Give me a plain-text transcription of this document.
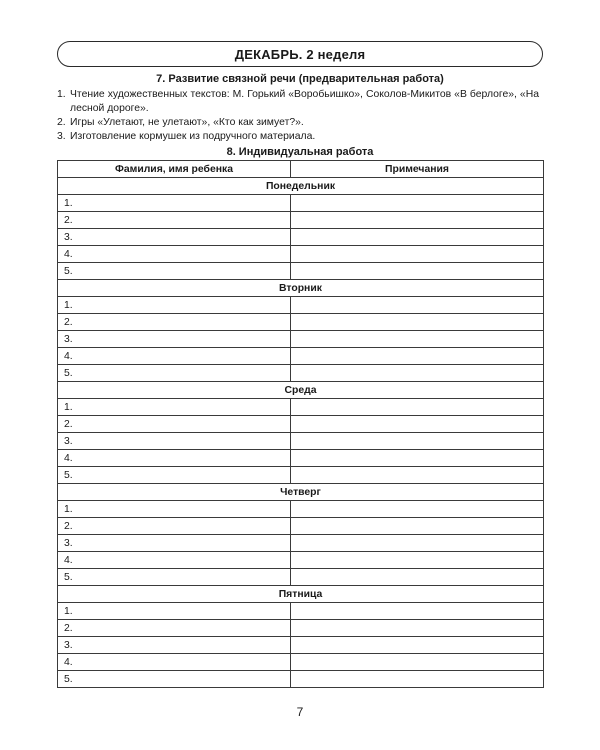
ДЕКАБРЬ. 2 неделя
7. Развитие связной речи (предварительная работа)
1. Чтение художественных текстов: М. Горький «Воробьишко», Соколов-Микитов «В берлоге», «На лесной дороге».
2. Игры «Улетают, не улетают», «Кто как зимует?».
3. Изготовление кормушек из подручного материала.
8. Индивидуальная работа
Фамилия, имя ребенка	Примечания
Понедельник	
1.	
2.	
3.	
4.	
5.	
Вторник	
1.	
2.	
3.	
4.	
5.	
Среда	
1.	
2.	
3.	
4.	
5.	
Четверг	
1.	
2.	
3.	
4.	
5.	
Пятница	
1.	
2.	
3.	
4.	
5.	
7
